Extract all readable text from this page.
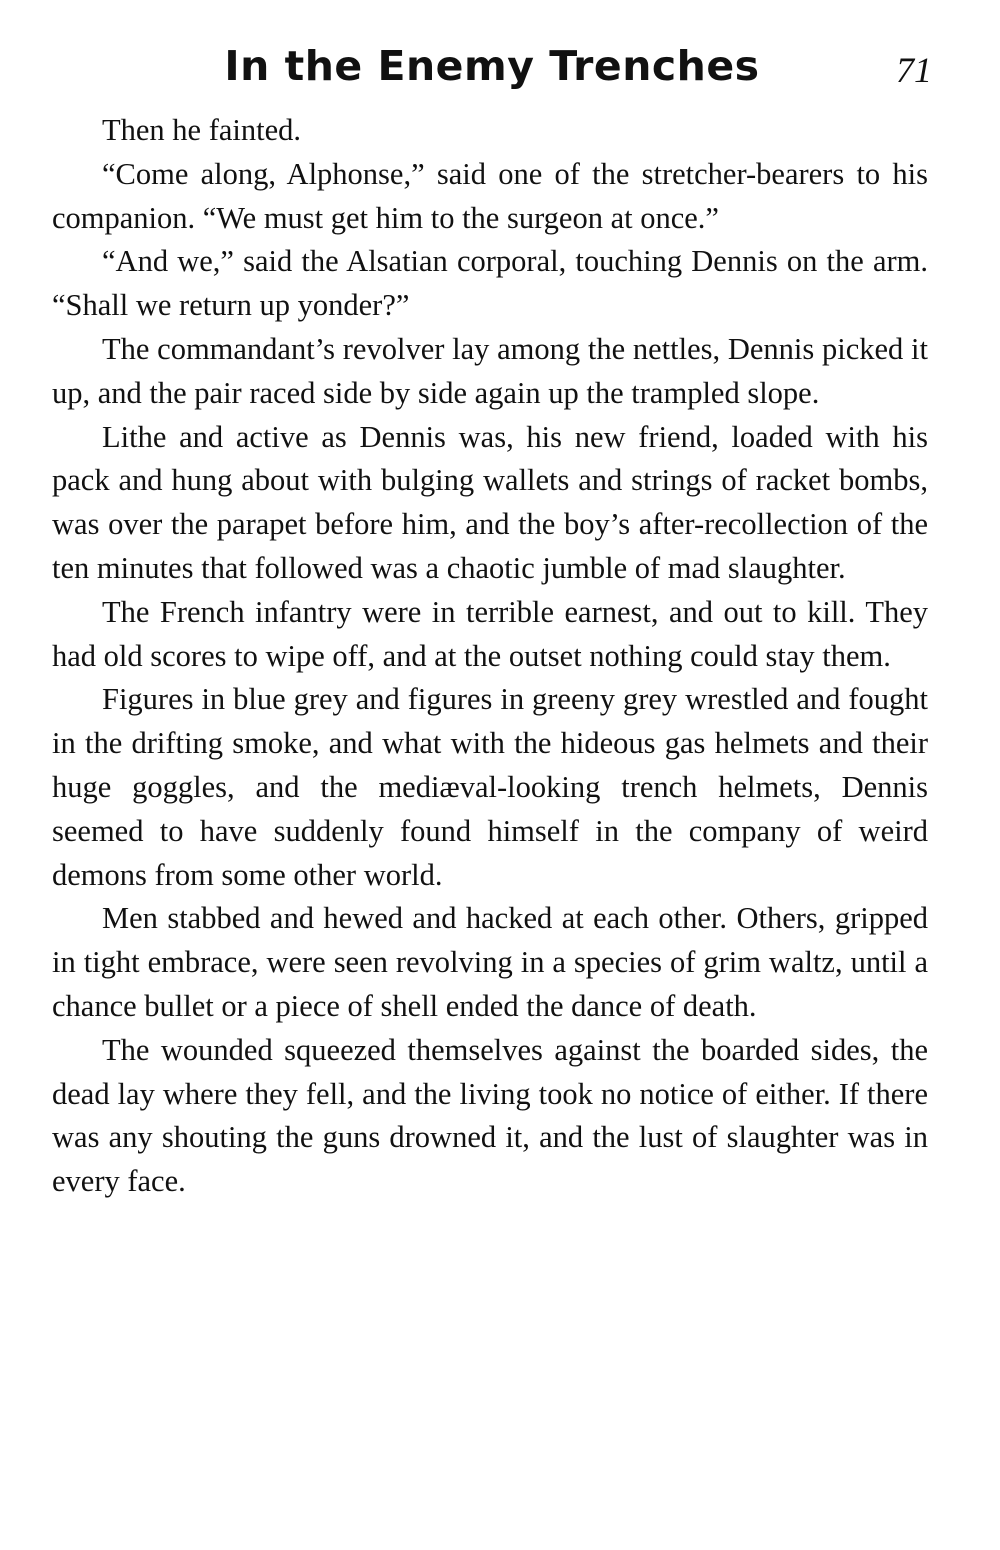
In the Enemy Trenches	71

Then he fainted.

“Come along, Alphonse,” said one of the stretcher-bearers to his companion. “We must get him to the surgeon at once.”

“And we,” said the Alsatian corporal, touching Dennis on the arm. “Shall we return up yonder?”

The commandant’s revolver lay among the nettles, Dennis picked it up, and the pair raced side by side again up the trampled slope.

Lithe and active as Dennis was, his new friend, loaded with his pack and hung about with bulging wallets and strings of racket bombs, was over the parapet before him, and the boy’s after-recollection of the ten minutes that followed was a chaotic jumble of mad slaughter.

The French infantry were in terrible earnest, and out to kill. They had old scores to wipe off, and at the outset nothing could stay them.

Figures in blue grey and figures in greeny grey wrestled and fought in the drifting smoke, and what with the hideous gas helmets and their huge goggles, and the mediæval-looking trench helmets, Dennis seemed to have suddenly found himself in the company of weird demons from some other world.

Men stabbed and hewed and hacked at each other. Others, gripped in tight embrace, were seen revolving in a species of grim waltz, until a chance bullet or a piece of shell ended the dance of death.

The wounded squeezed themselves against the boarded sides, the dead lay where they fell, and the living took no notice of either. If there was any shouting the guns drowned it, and the lust of slaughter was in every face.
